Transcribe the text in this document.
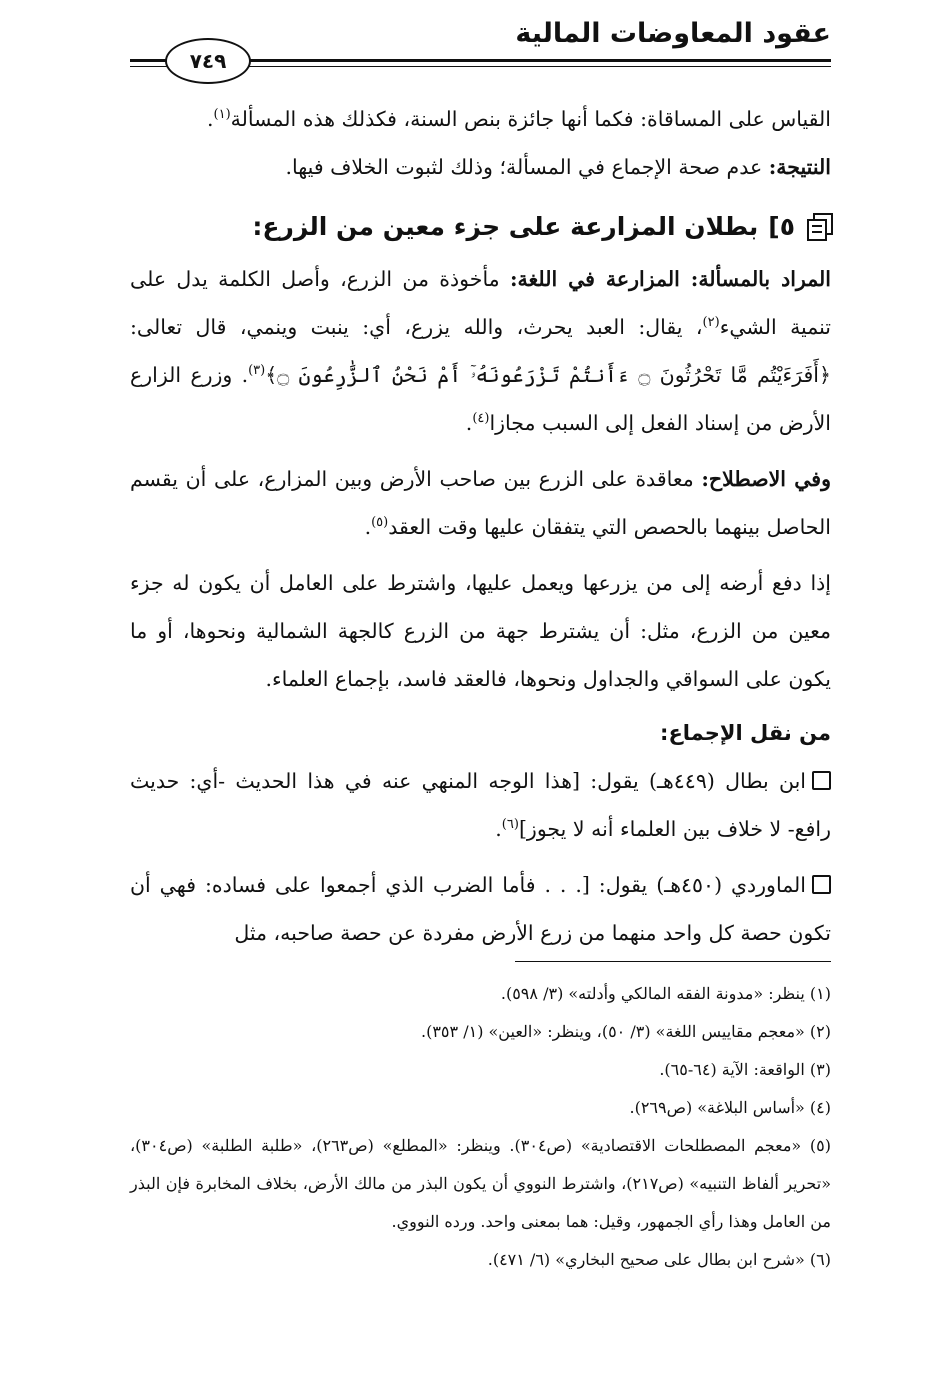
عقود المعاوضات المالية
٧٤٩

القياس على المساقاة: فكما أنها جائزة بنص السنة، فكذلك هذه المسألة$^{(١)}$.

النتيجة: عدم صحة الإجماع في المسألة؛ وذلك لثبوت الخلاف فيها.

٥]
بطلان المزارعة على جزء معين من الزرع:

المراد بالمسألة: المزارعة في اللغة: مأخوذة من الزرع، وأصل الكلمة يدل على تنمية الشيء$^{(٢)}$، يقال: العبد يحرث، والله يزرع، أي: ينبت وينمي، قال تعالى: ﴿أَفَرَءَيْتُم مَّا تَحْرُثُونَ ۝ ءَأَنتُمْ تَزْرَعُونَهُۥٓ أَمْ نَحْنُ ٱلزَّٰرِعُونَ ۝﴾$^{(٣)}$. وزرع الزارع الأرض من إسناد الفعل إلى السبب مجازا$^{(٤)}$.

وفي الاصطلاح: معاقدة على الزرع بين صاحب الأرض وبين المزارع، على أن يقسم الحاصل بينهما بالحصص التي يتفقان عليها وقت العقد$^{(٥)}$.

إذا دفع أرضه إلى من يزرعها ويعمل عليها، واشترط على العامل أن يكون له جزء معين من الزرع، مثل: أن يشترط جهة من الزرع كالجهة الشمالية ونحوها، أو ما يكون على السواقي والجداول ونحوها، فالعقد فاسد، بإجماع العلماء.

من نقل الإجماع:

ابن بطال (٤٤٩هـ) يقول: [هذا الوجه المنهي عنه في هذا الحديث -أي: حديث رافع- لا خلاف بين العلماء أنه لا يجوز]$^{(٦)}$.

الماوردي (٤٥٠هـ) يقول: [. . . فأما الضرب الذي أجمعوا على فساده: فهي أن تكون حصة كل واحد منهما من زرع الأرض مفردة عن حصة صاحبه، مثل

(١) ينظر: «مدونة الفقه المالكي وأدلته» (٣/ ٥٩٨).

(٢) «معجم مقاييس اللغة» (٣/ ٥٠)، وينظر: «العين» (١/ ٣٥٣).

(٣) الواقعة: الآية (٦٤-٦٥).

(٤) «أساس البلاغة» (ص٢٦٩).

(٥) «معجم المصطلحات الاقتصادية» (ص٣٠٤). وينظر: «المطلع» (ص٢٦٣)، «طلبة الطلبة» (ص٣٠٤)، «تحرير ألفاظ التنبيه» (ص٢١٧)، واشترط النووي أن يكون البذر من مالك الأرض، بخلاف المخابرة فإن البذر من العامل وهذا رأي الجمهور، وقيل: هما بمعنى واحد. ورده النووي.

(٦) «شرح ابن بطال على صحيح البخاري» (٦/ ٤٧١).
